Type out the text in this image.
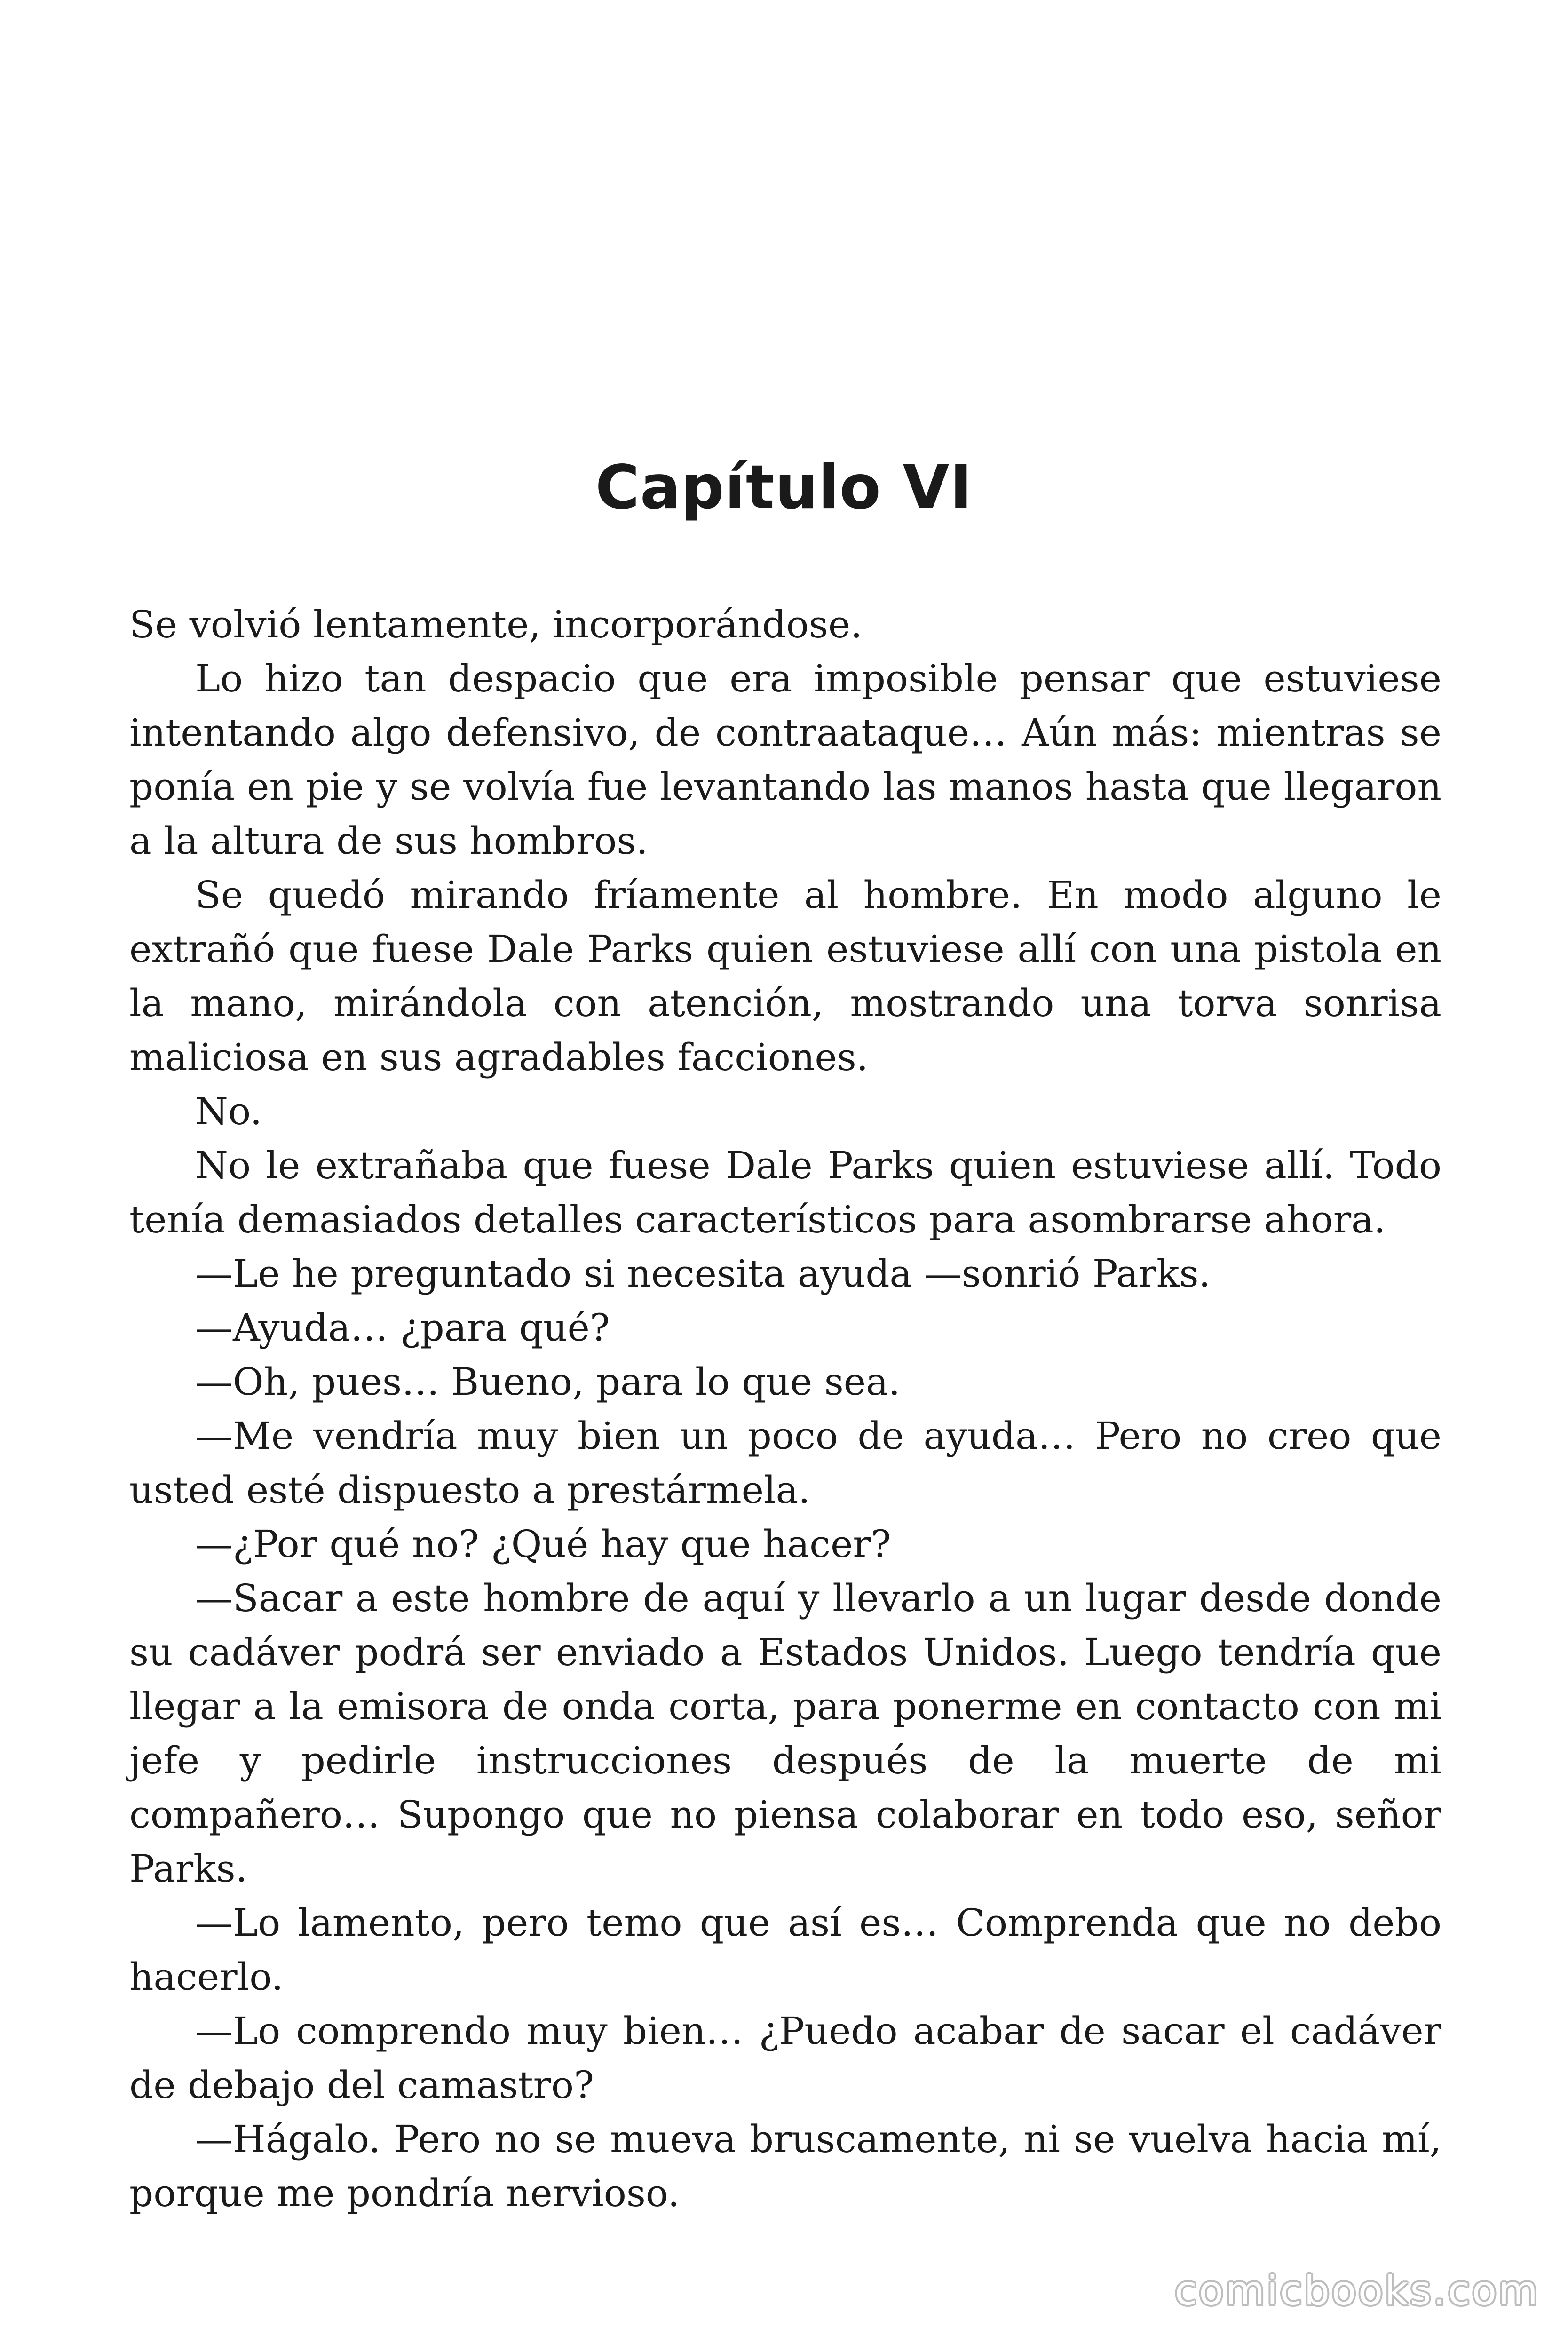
Capítulo VI

Se volvió lentamente, incorporándose.

Lo hizo tan despacio que era imposible pensar que estuviese intentando algo defensivo, de contraataque… Aún más: mientras se ponía en pie y se volvía fue levantando las manos hasta que llegaron a la altura de sus hombros.

Se quedó mirando fríamente al hombre. En modo alguno le extrañó que fuese Dale Parks quien estuviese allí con una pistola en la mano, mirándola con atención, mostrando una torva sonrisa maliciosa en sus agradables facciones.

No.

No le extrañaba que fuese Dale Parks quien estuviese allí. Todo tenía demasiados detalles característicos para asombrarse ahora.

—Le he preguntado si necesita ayuda —sonrió Parks.

—Ayuda… ¿para qué?

—Oh, pues… Bueno, para lo que sea.

—Me vendría muy bien un poco de ayuda… Pero no creo que usted esté dispuesto a prestármela.

—¿Por qué no? ¿Qué hay que hacer?

—Sacar a este hombre de aquí y llevarlo a un lugar desde donde su cadáver podrá ser enviado a Estados Unidos. Luego tendría que llegar a la emisora de onda corta, para ponerme en contacto con mi jefe y pedirle instrucciones después de la muerte de mi compañero… Supongo que no piensa colaborar en todo eso, señor Parks.

—Lo lamento, pero temo que así es… Comprenda que no debo hacerlo.

—Lo comprendo muy bien… ¿Puedo acabar de sacar el cadáver de debajo del camastro?

—Hágalo. Pero no se mueva bruscamente, ni se vuelva hacia mí, porque me pondría nervioso.

comicbooks.com
